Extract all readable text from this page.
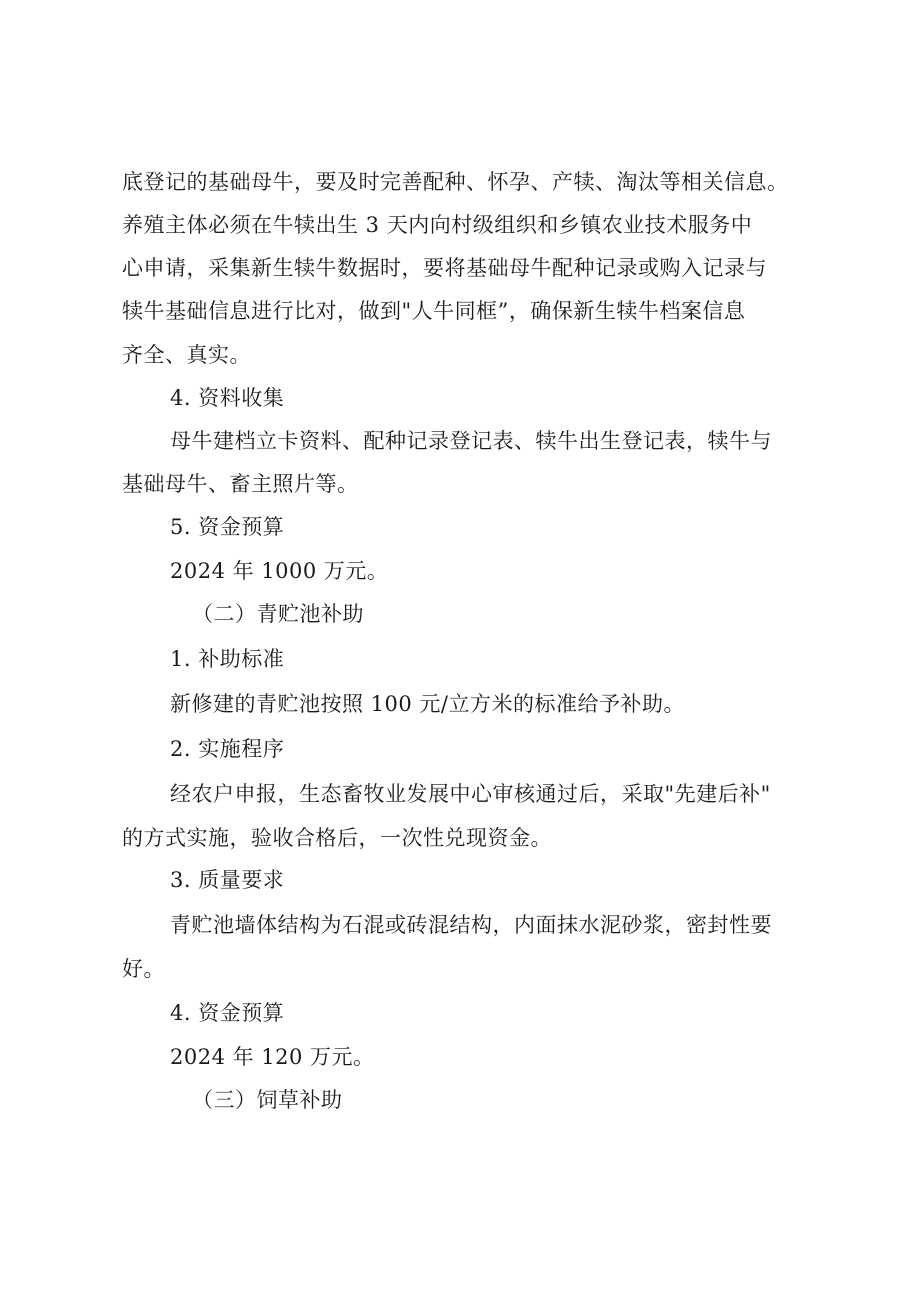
底登记的基础母牛，要及时完善配种、怀孕、产犊、淘汰等相关信息。
养殖主体必须在牛犊出生 3 天内向村级组织和乡镇农业技术服务中
心申请，采集新生犊牛数据时，要将基础母牛配种记录或购入记录与
犊牛基础信息进行比对，做到"人牛同框”，确保新生犊牛档案信息
齐全、真实。
4. 资料收集
母牛建档立卡资料、配种记录登记表、犊牛出生登记表，犊牛与
基础母牛、畜主照片等。
5. 资金预算
2024 年 1000 万元。
（二）青贮池补助
1. 补助标准
新修建的青贮池按照 100 元/立方米的标准给予补助。
2. 实施程序
经农户申报，生态畜牧业发展中心审核通过后，采取"先建后补"
的方式实施，验收合格后，一次性兑现资金。
3. 质量要求
青贮池墙体结构为石混或砖混结构，内面抹水泥砂浆，密封性要
好。
4. 资金预算
2024 年 120 万元。
（三）饲草补助
